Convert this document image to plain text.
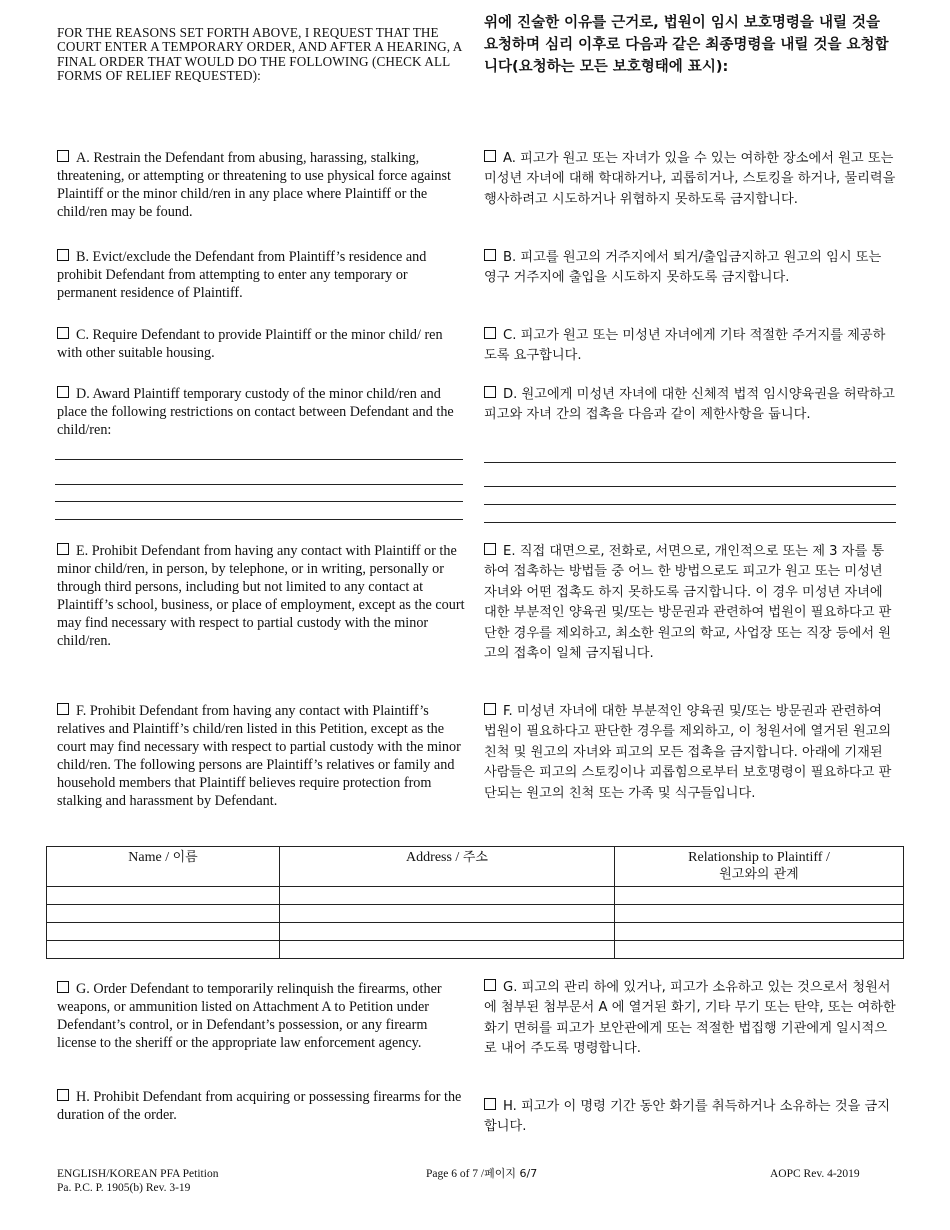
FOR THE REASONS SET FORTH ABOVE, I REQUEST THAT THE COURT ENTER A TEMPORARY ORDER, AND AFTER A HEARING, A FINAL ORDER THAT WOULD DO THE FOLLOWING (CHECK ALL FORMS OF RELIEF REQUESTED):
위에 진술한 이유를 근거로, 법원이 임시 보호명령을 내릴 것을 요청하며 심리 이후로 다음과 같은 최종명령을 내릴 것을 요청합니다(요청하는 모든 보호형태에 표시):
A. Restrain the Defendant from abusing, harassing, stalking, threatening, or attempting or threatening to use physical force against Plaintiff or the minor child/ren in any place where Plaintiff or the child/ren may be found.
A. 피고가 원고 또는 자녀가 있을 수 있는 여하한 장소에서 원고 또는 미성년 자녀에 대해 학대하거나, 괴롭히거나, 스토킹을 하거나, 물리력을 행사하려고 시도하거나 위협하지 못하도록 금지합니다.
B. Evict/exclude the Defendant from Plaintiff’s residence and prohibit Defendant from attempting to enter any temporary or permanent residence of Plaintiff.
B. 피고를 원고의 거주지에서 퇴거/출입금지하고 원고의 임시 또는 영구 거주지에 출입을 시도하지 못하도록 금지합니다.
C. Require Defendant to provide Plaintiff or the minor child/ ren with other suitable housing.
C. 피고가 원고 또는 미성년 자녀에게 기타 적절한 주거지를 제공하도록 요구합니다.
D. Award Plaintiff temporary custody of the minor child/ren and place the following restrictions on contact between Defendant and the child/ren:
D. 원고에게 미성년 자녀에 대한 신체적 법적 임시양육권을 허락하고 피고와 자녀 간의 접촉을 다음과 같이 제한사항을 둡니다.
E. Prohibit Defendant from having any contact with Plaintiff or the minor child/ren, in person, by telephone, or in writing, personally or through third persons, including but not limited to any contact at Plaintiff’s school, business, or place of employment, except as the court may find necessary with respect to partial custody with the minor child/ren.
E. 직접 대면으로, 전화로, 서면으로, 개인적으로 또는 제 3 자를 통하여 접촉하는 방법들 중 어느 한 방법으로도 피고가 원고 또는 미성년 자녀와 어떤 접촉도 하지 못하도록 금지합니다. 이 경우 미성년 자녀에 대한 부분적인 양육권 및/또는 방문권과 관련하여 법원이 필요하다고 판단한 경우를 제외하고, 최소한 원고의 학교, 사업장 또는 직장 등에서 원고의 접촉이 일체 금지됩니다.
F. Prohibit Defendant from having any contact with Plaintiff’s relatives and Plaintiff’s child/ren listed in this Petition, except as the court may find necessary with respect to partial custody with the minor child/ren. The following persons are Plaintiff’s relatives or family and household members that Plaintiff believes require protection from stalking and harassment by Defendant.
F. 미성년 자녀에 대한 부분적인 양육권 및/또는 방문권과 관련하여 법원이 필요하다고 판단한 경우를 제외하고, 이 청원서에 열거된 원고의 친척 및 원고의 자녀와 피고의 모든 접촉을 금지합니다. 아래에 기재된 사람들은 피고의 스토킹이나 괴롭힘으로부터 보호명령이 필요하다고 판단되는 원고의 친척 또는 가족 및 식구들입니다.
Name / 이름	Address / 주소	Relationship to Plaintiff /
원고와의 관계

G. Order Defendant to temporarily relinquish the firearms, other weapons, or ammunition listed on Attachment A to Petition under Defendant’s control, or in Defendant’s possession, or any firearm license to the sheriff or the appropriate law enforcement agency.
G. 피고의 관리 하에 있거나, 피고가 소유하고 있는 것으로서 청원서에 첨부된 첨부문서 A 에 열거된 화기, 기타 무기 또는 탄약, 또는 여하한 화기 면허를 피고가 보안관에게 또는 적절한 법집행 기관에게 일시적으로 내어 주도록 명령합니다.
H. Prohibit Defendant from acquiring or possessing firearms for the duration of the order.
H. 피고가 이 명령 기간 동안 화기를 취득하거나 소유하는 것을 금지합니다.
ENGLISH/KOREAN PFA Petition
Pa. P.C. P. 1905(b) Rev. 3-19
Page 6 of 7 /페이지 6/7	AOPC Rev. 4-2019
